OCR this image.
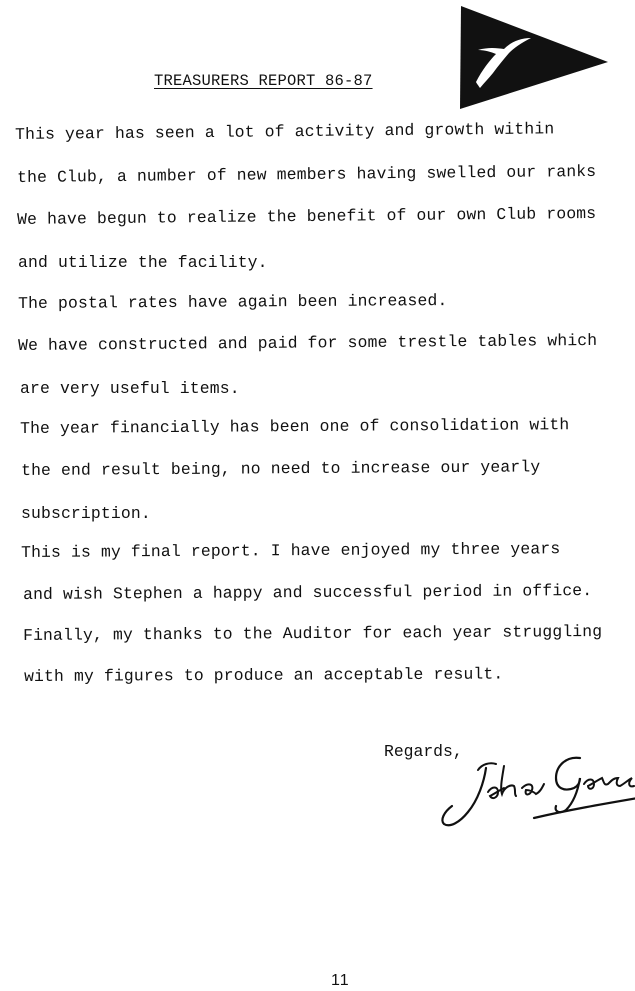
TREASURERS REPORT 86-87
This year has seen a lot of activity and growth within
the Club, a number of new members having swelled our ranks
We have begun to realize the benefit of our own Club rooms
and utilize the facility.
The postal rates have again been increased.
We have constructed and paid for some trestle tables which
are very useful items.
The year financially has been one of consolidation with
the end result being, no need to increase our yearly
subscription.
This is my final report. I have enjoyed my three years
and wish Stephen a happy and successful period in office.
Finally, my thanks to the Auditor for each year struggling
with my figures to produce an acceptable result.
Regards,
11
